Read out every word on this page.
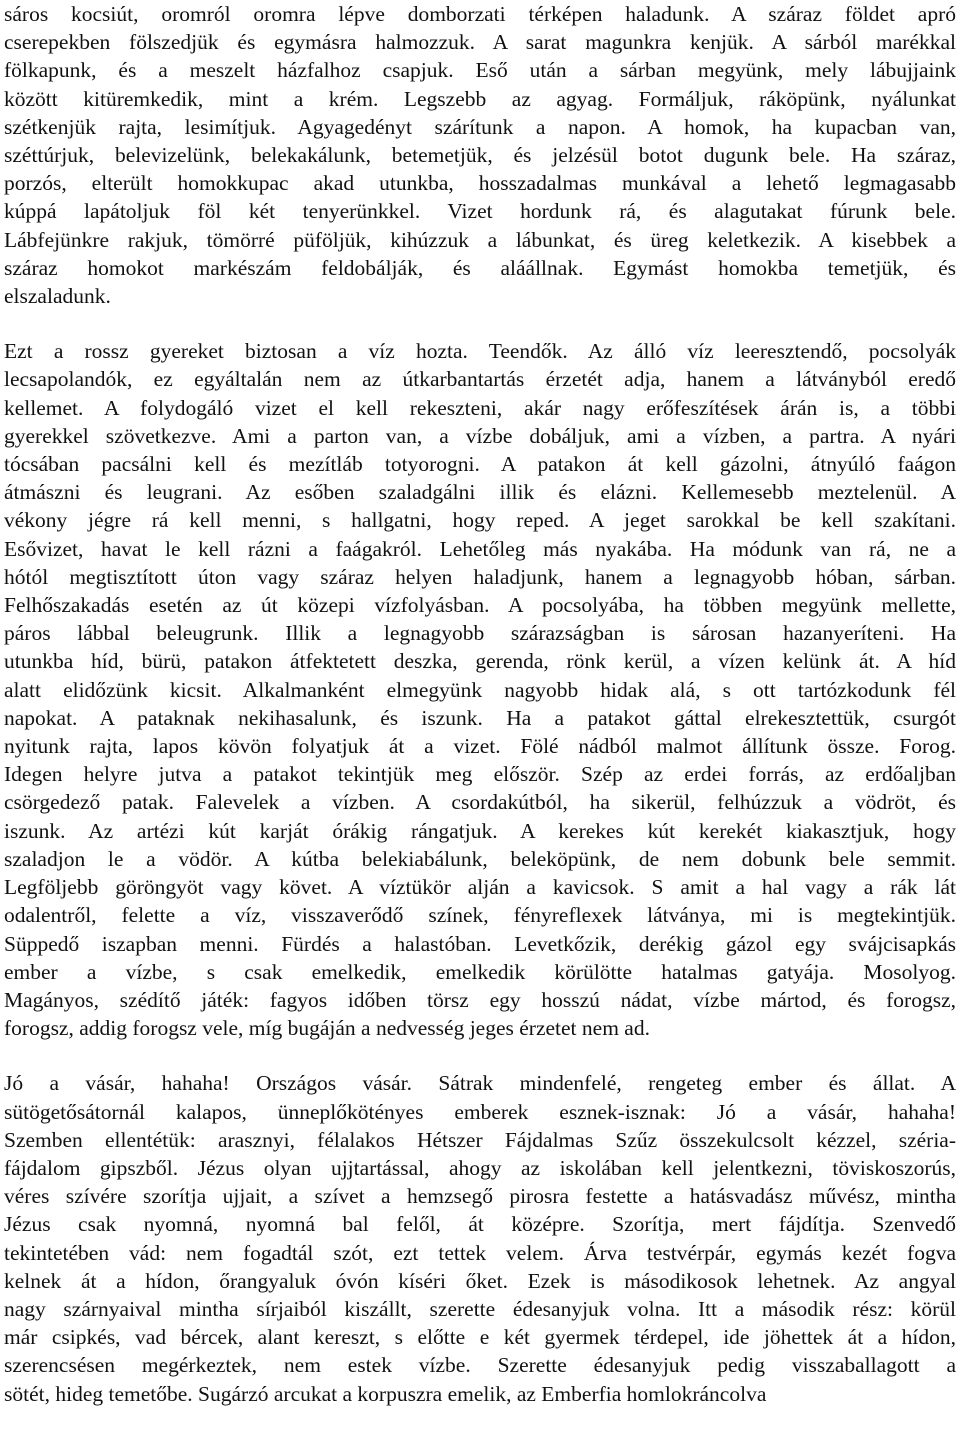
sáros kocsiút, oromról oromra lépve domborzati térképen haladunk. A száraz földet apró
cserepekben fölszedjük és egymásra halmozzuk. A sarat magunkra kenjük. A sárból marékkal
fölkapunk, és a meszelt házfalhoz csapjuk. Eső után a sárban megyünk, mely lábujjaink
között kitüremkedik, mint a krém. Legszebb az agyag. Formáljuk, ráköpünk, nyálunkat
szétkenjük rajta, lesimítjuk. Agyagedényt szárítunk a napon. A homok, ha kupacban van,
széttúrjuk, belevizelünk, belekakálunk, betemetjük, és jelzésül botot dugunk bele. Ha száraz,
porzós, elterült homokkupac akad utunkba, hosszadalmas munkával a lehető legmagasabb
kúppá lapátoljuk föl két tenyerünkkel. Vizet hordunk rá, és alagutakat fúrunk bele.
Lábfejünkre rakjuk, tömörré püföljük, kihúzzuk a lábunkat, és üreg keletkezik. A kisebbek a
száraz homokot markészám feldobálják, és aláállnak. Egymást homokba temetjük, és
elszaladunk.

Ezt a rossz gyereket biztosan a víz hozta. Teendők. Az álló víz leeresztendő, pocsolyák
lecsapolandók, ez egyáltalán nem az útkarbantartás érzetét adja, hanem a látványból eredő
kellemet. A folydogáló vizet el kell rekeszteni, akár nagy erőfeszítések árán is, a többi
gyerekkel szövetkezve. Ami a parton van, a vízbe dobáljuk, ami a vízben, a partra. A nyári
tócsában pacsálni kell és mezítláb totyorogni. A patakon át kell gázolni, átnyúló faágon
átmászni és leugrani. Az esőben szaladgálni illik és elázni. Kellemesebb meztelenül. A
vékony jégre rá kell menni, s hallgatni, hogy reped. A jeget sarokkal be kell szakítani.
Esővizet, havat le kell rázni a faágakról. Lehetőleg más nyakába. Ha módunk van rá, ne a
hótól megtisztított úton vagy száraz helyen haladjunk, hanem a legnagyobb hóban, sárban.
Felhőszakadás esetén az út közepi vízfolyásban. A pocsolyába, ha többen megyünk mellette,
páros lábbal beleugrunk. Illik a legnagyobb szárazságban is sárosan hazanyeríteni. Ha
utunkba híd, bürü, patakon átfektetett deszka, gerenda, rönk kerül, a vízen kelünk át. A híd
alatt elidőzünk kicsit. Alkalmanként elmegyünk nagyobb hidak alá, s ott tartózkodunk fél
napokat. A pataknak nekihasalunk, és iszunk. Ha a patakot gáttal elrekesztettük, csurgót
nyitunk rajta, lapos kövön folyatjuk át a vizet. Fölé nádból malmot állítunk össze. Forog.
Idegen helyre jutva a patakot tekintjük meg először. Szép az erdei forrás, az erdőaljban
csörgedező patak. Falevelek a vízben. A csordakútból, ha sikerül, felhúzzuk a vödröt, és
iszunk. Az artézi kút karját órákig rángatjuk. A kerekes kút kerekét kiakasztjuk, hogy
szaladjon le a vödör. A kútba belekiabálunk, beleköpünk, de nem dobunk bele semmit.
Legföljebb göröngyöt vagy követ. A víztükör alján a kavicsok. S amit a hal vagy a rák lát
odalentről, felette a víz, visszaverődő színek, fényreflexek látványa, mi is megtekintjük.
Süppedő iszapban menni. Fürdés a halastóban. Levetkőzik, derékig gázol egy svájcisapkás
ember a vízbe, s csak emelkedik, emelkedik körülötte hatalmas gatyája. Mosolyog.
Magányos, szédítő játék: fagyos időben törsz egy hosszú nádat, vízbe mártod, és forogsz,
forogsz, addig forogsz vele, míg bugáján a nedvesség jeges érzetet nem ad.

Jó a vásár, hahaha! Országos vásár. Sátrak mindenfelé, rengeteg ember és állat. A
sütögetősátornál kalapos, ünneplőkötényes emberek esznek-isznak: Jó a vásár, hahaha!
Szemben ellentétük: arasznyi, félalakos Hétszer Fájdalmas Szűz összekulcsolt kézzel, széria-
fájdalom gipszből. Jézus olyan ujjtartással, ahogy az iskolában kell jelentkezni, töviskoszorús,
véres szívére szorítja ujjait, a szívet a hemzsegő pirosra festette a hatásvadász művész, mintha
Jézus csak nyomná, nyomná bal felől, át középre. Szorítja, mert fájdítja. Szenvedő
tekintetében vád: nem fogadtál szót, ezt tettek velem. Árva testvérpár, egymás kezét fogva
kelnek át a hídon, őrangyaluk óvón kíséri őket. Ezek is másodikosok lehetnek. Az angyal
nagy szárnyaival mintha sírjaiból kiszállt, szerette édesanyjuk volna. Itt a második rész: körül
már csipkés, vad bércek, alant kereszt, s előtte e két gyermek térdepel, ide jöhettek át a hídon,
szerencsésen megérkeztek, nem estek vízbe. Szerette édesanyjuk pedig visszaballagott a
sötét, hideg temetőbe. Sugárzó arcukat a korpuszra emelik, az Emberfia homlokráncolva
